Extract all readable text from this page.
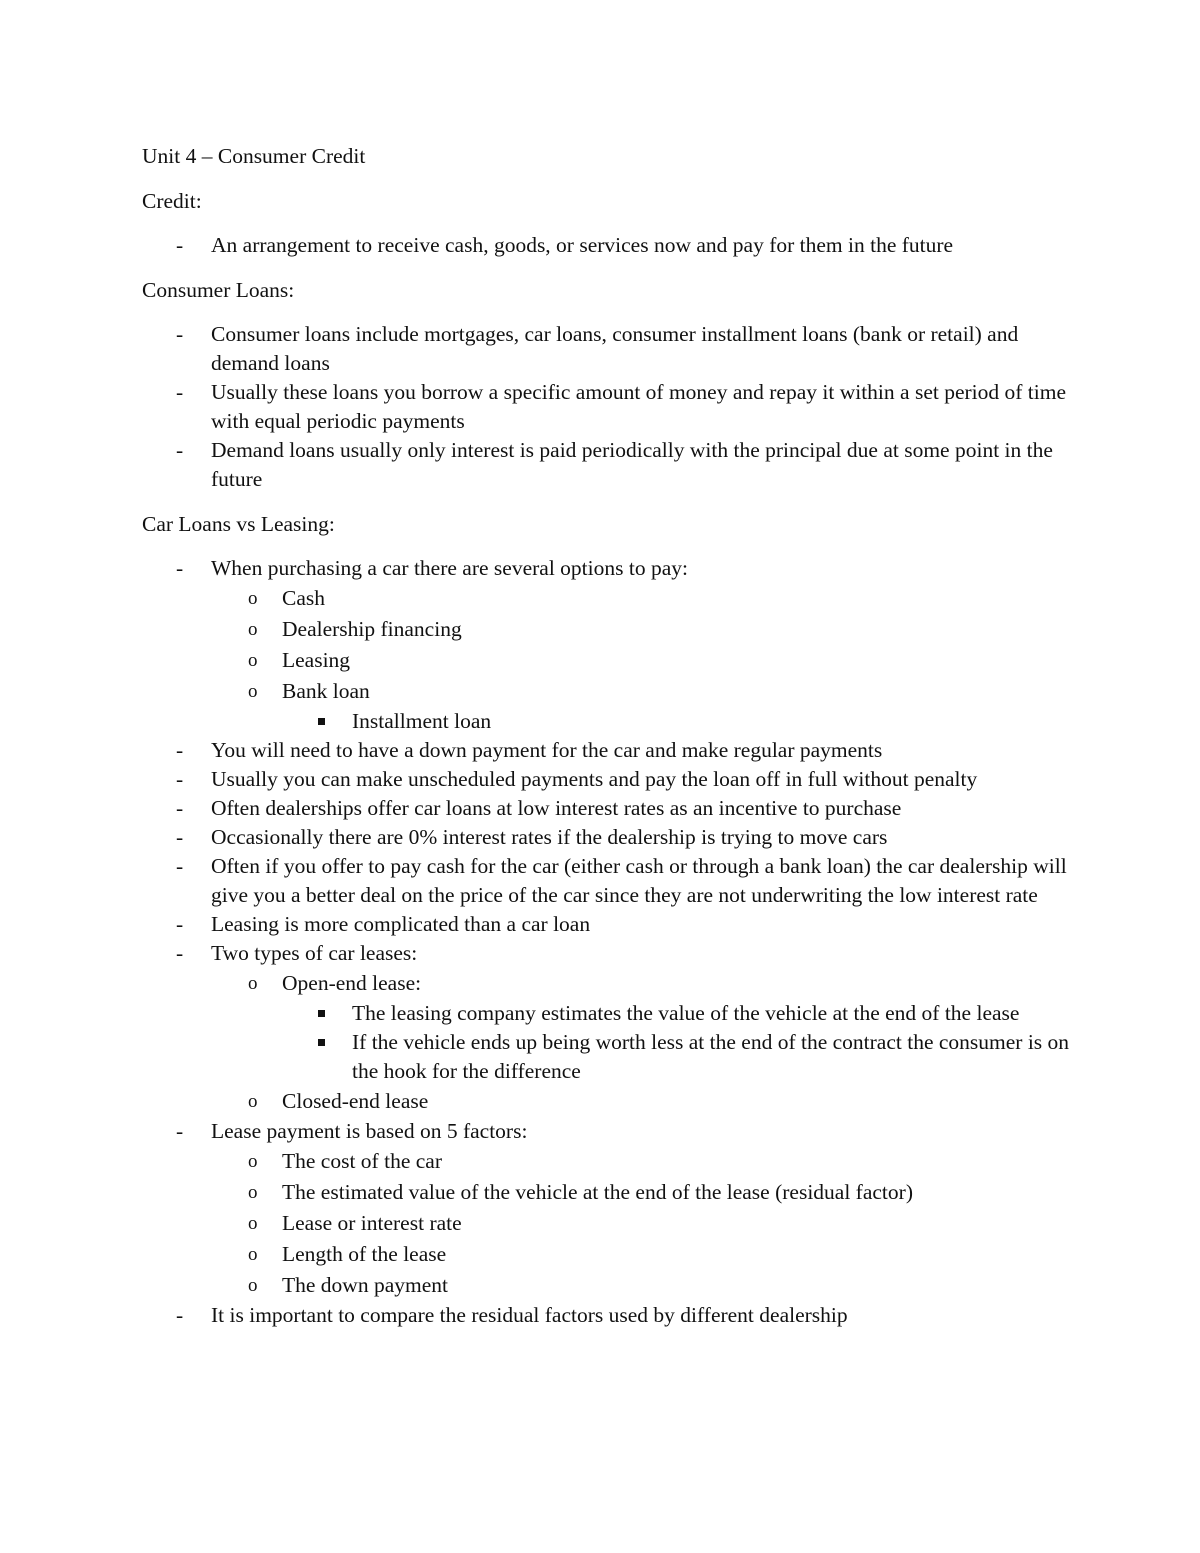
Unit 4 – Consumer Credit
Credit:
- An arrangement to receive cash, goods, or services now and pay for them in the future
Consumer Loans:
- Consumer loans include mortgages, car loans, consumer installment loans (bank or retail) and demand loans
- Usually these loans you borrow a specific amount of money and repay it within a set period of time with equal periodic payments
- Demand loans usually only interest is paid periodically with the principal due at some point in the future
Car Loans vs Leasing:
- When purchasing a car there are several options to pay:
o Cash
o Dealership financing
o Leasing
o Bank loan
Installment loan
- You will need to have a down payment for the car and make regular payments
- Usually you can make unscheduled payments and pay the loan off in full without penalty
- Often dealerships offer car loans at low interest rates as an incentive to purchase
- Occasionally there are 0% interest rates if the dealership is trying to move cars
- Often if you offer to pay cash for the car (either cash or through a bank loan) the car dealership will give you a better deal on the price of the car since they are not underwriting the low interest rate
- Leasing is more complicated than a car loan
- Two types of car leases:
o Open-end lease:
The leasing company estimates the value of the vehicle at the end of the lease
If the vehicle ends up being worth less at the end of the contract the consumer is on the hook for the difference
o Closed-end lease
- Lease payment is based on 5 factors:
o The cost of the car
o The estimated value of the vehicle at the end of the lease (residual factor)
o Lease or interest rate
o Length of the lease
o The down payment
- It is important to compare the residual factors used by different dealership
